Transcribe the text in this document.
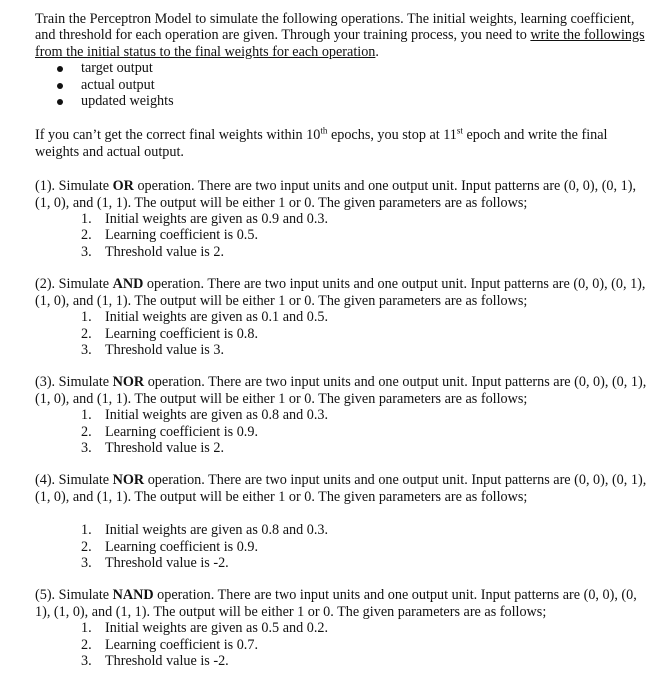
Train the Perceptron Model to simulate the following operations. The initial weights, learning coefficient, and threshold for each operation are given. Through your training process, you need to write the followings from the initial status to the final weights for each operation.

target output
actual output
updated weights

If you can’t get the correct final weights within 10th epochs, you stop at 11st epoch and write the final weights and actual output.

(1). Simulate OR operation. There are two input units and one output unit. Input patterns are (0, 0), (0, 1), (1, 0), and (1, 1). The output will be either 1 or 0. The given parameters are as follows;

1. Initial weights are given as 0.9 and 0.3.
2. Learning coefficient is 0.5.
3. Threshold value is 2.

(2). Simulate AND operation. There are two input units and one output unit. Input patterns are (0, 0), (0, 1), (1, 0), and (1, 1). The output will be either 1 or 0. The given parameters are as follows;

1. Initial weights are given as 0.1 and 0.5.
2. Learning coefficient is 0.8.
3. Threshold value is 3.

(3). Simulate NOR operation. There are two input units and one output unit. Input patterns are (0, 0), (0, 1), (1, 0), and (1, 1). The output will be either 1 or 0. The given parameters are as follows;

1. Initial weights are given as 0.8 and 0.3.
2. Learning coefficient is 0.9.
3. Threshold value is 2.

(4). Simulate NOR operation. There are two input units and one output unit. Input patterns are (0, 0), (0, 1), (1, 0), and (1, 1). The output will be either 1 or 0. The given parameters are as follows;

1. Initial weights are given as 0.8 and 0.3.
2. Learning coefficient is 0.9.
3. Threshold value is -2.

(5). Simulate NAND operation. There are two input units and one output unit. Input patterns are (0, 0), (0, 1), (1, 0), and (1, 1). The output will be either 1 or 0. The given parameters are as follows;

1. Initial weights are given as 0.5 and 0.2.
2. Learning coefficient is 0.7.
3. Threshold value is -2.
